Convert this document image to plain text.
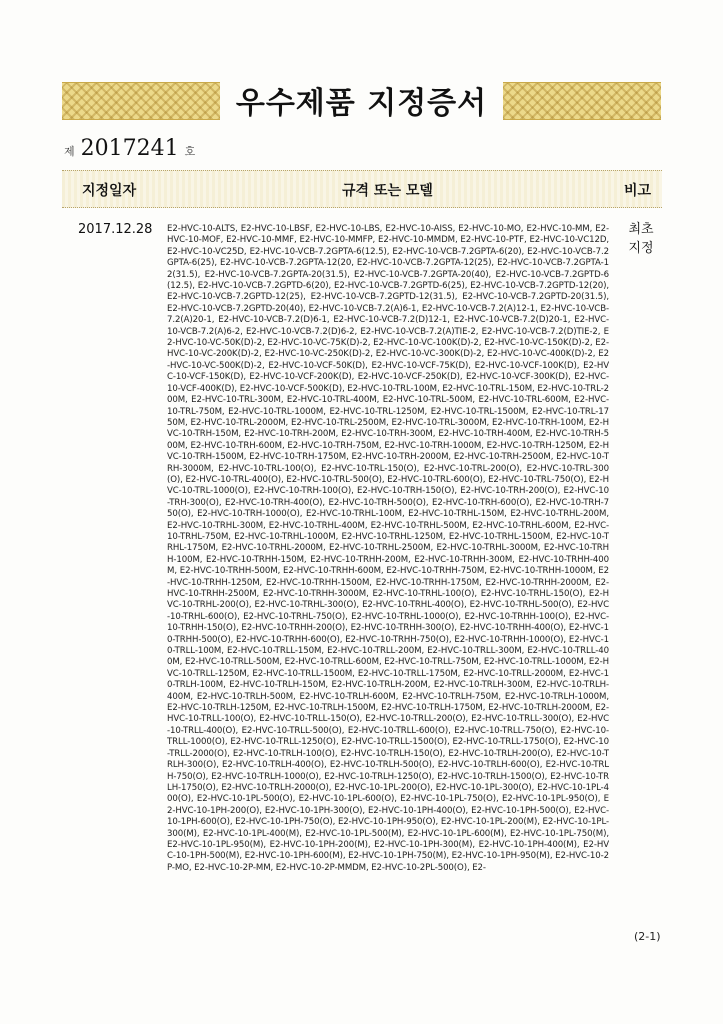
우수제품 지정증서
제 2017241 호
지정일자	규격 또는 모델	비고
2017.12.28 E2-HVC-10-ALTS, E2-HVC-10-LBSF, E2-HVC-10-LBS, E2-HVC-10-AISS, E2-HVC-10-MO, E2-HVC-10-MM, E2-HVC-10-MOF, E2-HVC-10-MMF, E2-HVC-10-MMFP, E2-HVC-10-MMDM, E2-HVC-10-PTF, E2-HVC-10-VC12D, E2-HVC-10-VC25D, E2-HVC-10-VCB-7.2GPTA-6(12.5), E2-HVC-10-VCB-7.2GPTA-6(20), E2-HVC-10-VCB-7.2GPTA-6(25), E2-HVC-10-VCB-7.2GPTA-12(20, E2-HVC-10-VCB-7.2GPTA-12(25), E2-HVC-10-VCB-7.2GPTA-12(31.5), E2-HVC-10-VCB-7.2GPTA-20(31.5), E2-HVC-10-VCB-7.2GPTA-20(40), E2-HVC-10-VCB-7.2GPTD-6(12.5), E2-HVC-10-VCB-7.2GPTD-6(20), E2-HVC-10-VCB-7.2GPTD-6(25), E2-HVC-10-VCB-7.2GPTD-12(20), E2-HVC-10-VCB-7.2GPTD-12(25), E2-HVC-10-VCB-7.2GPTD-12(31.5), E2-HVC-10-VCB-7.2GPTD-20(31.5), E2-HVC-10-VCB-7.2GPTD-20(40), E2-HVC-10-VCB-7.2(A)6-1, E2-HVC-10-VCB-7.2(A)12-1, E2-HVC-10-VCB-7.2(A)20-1, E2-HVC-10-VCB-7.2(D)6-1, E2-HVC-10-VCB-7.2(D)12-1, E2-HVC-10-VCB-7.2(D)20-1, E2-HVC-10-VCB-7.2(A)6-2, E2-HVC-10-VCB-7.2(D)6-2, E2-HVC-10-VCB-7.2(A)TIE-2, E2-HVC-10-VCB-7.2(D)TIE-2, E2-HVC-10-VC-50K(D)-2, E2-HVC-10-VC-75K(D)-2, E2-HVC-10-VC-100K(D)-2, E2-HVC-10-VC-150K(D)-2, E2-HVC-10-VC-200K(D)-2, E2-HVC-10-VC-250K(D)-2, E2-HVC-10-VC-300K(D)-2, E2-HVC-10-VC-400K(D)-2, E2-HVC-10-VC-500K(D)-2, E2-HVC-10-VCF-50K(D), E2-HVC-10-VCF-75K(D), E2-HVC-10-VCF-100K(D), E2-HVC-10-VCF-150K(D), E2-HVC-10-VCF-200K(D), E2-HVC-10-VCF-250K(D), E2-HVC-10-VCF-300K(D), E2-HVC-10-VCF-400K(D), E2-HVC-10-VCF-500K(D), E2-HVC-10-TRL-100M, E2-HVC-10-TRL-150M, E2-HVC-10-TRL-200M, E2-HVC-10-TRL-300M, E2-HVC-10-TRL-400M, E2-HVC-10-TRL-500M, E2-HVC-10-TRL-600M, E2-HVC-10-TRL-750M, E2-HVC-10-TRL-1000M, E2-HVC-10-TRL-1250M, E2-HVC-10-TRL-1500M, E2-HVC-10-TRL-1750M, E2-HVC-10-TRL-2000M, E2-HVC-10-TRL-2500M, E2-HVC-10-TRL-3000M, E2-HVC-10-TRH-100M, E2-HVC-10-TRH-150M, E2-HVC-10-TRH-200M, E2-HVC-10-TRH-300M, E2-HVC-10-TRH-400M, E2-HVC-10-TRH-500M, E2-HVC-10-TRH-600M, E2-HVC-10-TRH-750M, E2-HVC-10-TRH-1000M, E2-HVC-10-TRH-1250M, E2-HVC-10-TRH-1500M, E2-HVC-10-TRH-1750M, E2-HVC-10-TRH-2000M, E2-HVC-10-TRH-2500M, E2-HVC-10-TRH-3000M, E2-HVC-10-TRL-100(O), E2-HVC-10-TRL-150(O), E2-HVC-10-TRL-200(O), E2-HVC-10-TRL-300(O), E2-HVC-10-TRL-400(O), E2-HVC-10-TRL-500(O), E2-HVC-10-TRL-600(O), E2-HVC-10-TRL-750(O), E2-HVC-10-TRL-1000(O), E2-HVC-10-TRH-100(O), E2-HVC-10-TRH-150(O), E2-HVC-10-TRH-200(O), E2-HVC-10-TRH-300(O), E2-HVC-10-TRH-400(O), E2-HVC-10-TRH-500(O), E2-HVC-10-TRH-600(O), E2-HVC-10-TRH-750(O), E2-HVC-10-TRH-1000(O), E2-HVC-10-TRHL-100M, E2-HVC-10-TRHL-150M, E2-HVC-10-TRHL-200M, E2-HVC-10-TRHL-300M, E2-HVC-10-TRHL-400M, E2-HVC-10-TRHL-500M, E2-HVC-10-TRHL-600M, E2-HVC-10-TRHL-750M, E2-HVC-10-TRHL-1000M, E2-HVC-10-TRHL-1250M, E2-HVC-10-TRHL-1500M, E2-HVC-10-TRHL-1750M, E2-HVC-10-TRHL-2000M, E2-HVC-10-TRHL-2500M, E2-HVC-10-TRHL-3000M, E2-HVC-10-TRHH-100M, E2-HVC-10-TRHH-150M, E2-HVC-10-TRHH-200M, E2-HVC-10-TRHH-300M, E2-HVC-10-TRHH-400M, E2-HVC-10-TRHH-500M, E2-HVC-10-TRHH-600M, E2-HVC-10-TRHH-750M, E2-HVC-10-TRHH-1000M, E2-HVC-10-TRHH-1250M, E2-HVC-10-TRHH-1500M, E2-HVC-10-TRHH-1750M, E2-HVC-10-TRHH-2000M, E2-HVC-10-TRHH-2500M, E2-HVC-10-TRHH-3000M, E2-HVC-10-TRHL-100(O), E2-HVC-10-TRHL-150(O), E2-HVC-10-TRHL-200(O), E2-HVC-10-TRHL-300(O), E2-HVC-10-TRHL-400(O), E2-HVC-10-TRHL-500(O), E2-HVC-10-TRHL-600(O), E2-HVC-10-TRHL-750(O), E2-HVC-10-TRHL-1000(O), E2-HVC-10-TRHH-100(O), E2-HVC-10-TRHH-150(O), E2-HVC-10-TRHH-200(O), E2-HVC-10-TRHH-300(O), E2-HVC-10-TRHH-400(O), E2-HVC-10-TRHH-500(O), E2-HVC-10-TRHH-600(O), E2-HVC-10-TRHH-750(O), E2-HVC-10-TRHH-1000(O), E2-HVC-10-TRLL-100M, E2-HVC-10-TRLL-150M, E2-HVC-10-TRLL-200M, E2-HVC-10-TRLL-300M, E2-HVC-10-TRLL-400M, E2-HVC-10-TRLL-500M, E2-HVC-10-TRLL-600M, E2-HVC-10-TRLL-750M, E2-HVC-10-TRLL-1000M, E2-HVC-10-TRLL-1250M, E2-HVC-10-TRLL-1500M, E2-HVC-10-TRLL-1750M, E2-HVC-10-TRLL-2000M, E2-HVC-10-TRLH-100M, E2-HVC-10-TRLH-150M, E2-HVC-10-TRLH-200M, E2-HVC-10-TRLH-300M, E2-HVC-10-TRLH-400M, E2-HVC-10-TRLH-500M, E2-HVC-10-TRLH-600M, E2-HVC-10-TRLH-750M, E2-HVC-10-TRLH-1000M, E2-HVC-10-TRLH-1250M, E2-HVC-10-TRLH-1500M, E2-HVC-10-TRLH-1750M, E2-HVC-10-TRLH-2000M, E2-HVC-10-TRLL-100(O), E2-HVC-10-TRLL-150(O), E2-HVC-10-TRLL-200(O), E2-HVC-10-TRLL-300(O), E2-HVC-10-TRLL-400(O), E2-HVC-10-TRLL-500(O), E2-HVC-10-TRLL-600(O), E2-HVC-10-TRLL-750(O), E2-HVC-10-TRLL-1000(O), E2-HVC-10-TRLL-1250(O), E2-HVC-10-TRLL-1500(O), E2-HVC-10-TRLL-1750(O), E2-HVC-10-TRLL-2000(O), E2-HVC-10-TRLH-100(O), E2-HVC-10-TRLH-150(O), E2-HVC-10-TRLH-200(O), E2-HVC-10-TRLH-300(O), E2-HVC-10-TRLH-400(O), E2-HVC-10-TRLH-500(O), E2-HVC-10-TRLH-600(O), E2-HVC-10-TRLH-750(O), E2-HVC-10-TRLH-1000(O), E2-HVC-10-TRLH-1250(O), E2-HVC-10-TRLH-1500(O), E2-HVC-10-TRLH-1750(O), E2-HVC-10-TRLH-2000(O), E2-HVC-10-1PL-200(O), E2-HVC-10-1PL-300(O), E2-HVC-10-1PL-400(O), E2-HVC-10-1PL-500(O), E2-HVC-10-1PL-600(O), E2-HVC-10-1PL-750(O), E2-HVC-10-1PL-950(O), E2-HVC-10-1PH-200(O), E2-HVC-10-1PH-300(O), E2-HVC-10-1PH-400(O), E2-HVC-10-1PH-500(O), E2-HVC-10-1PH-600(O), E2-HVC-10-1PH-750(O), E2-HVC-10-1PH-950(O), E2-HVC-10-1PL-200(M), E2-HVC-10-1PL-300(M), E2-HVC-10-1PL-400(M), E2-HVC-10-1PL-500(M), E2-HVC-10-1PL-600(M), E2-HVC-10-1PL-750(M), E2-HVC-10-1PL-950(M), E2-HVC-10-1PH-200(M), E2-HVC-10-1PH-300(M), E2-HVC-10-1PH-400(M), E2-HVC-10-1PH-500(M), E2-HVC-10-1PH-600(M), E2-HVC-10-1PH-750(M), E2-HVC-10-1PH-950(M), E2-HVC-10-2P-MO, E2-HVC-10-2P-MM, E2-HVC-10-2P-MMDM, E2-HVC-10-2PL-500(O), E2-
최초 지정
(2-1)
